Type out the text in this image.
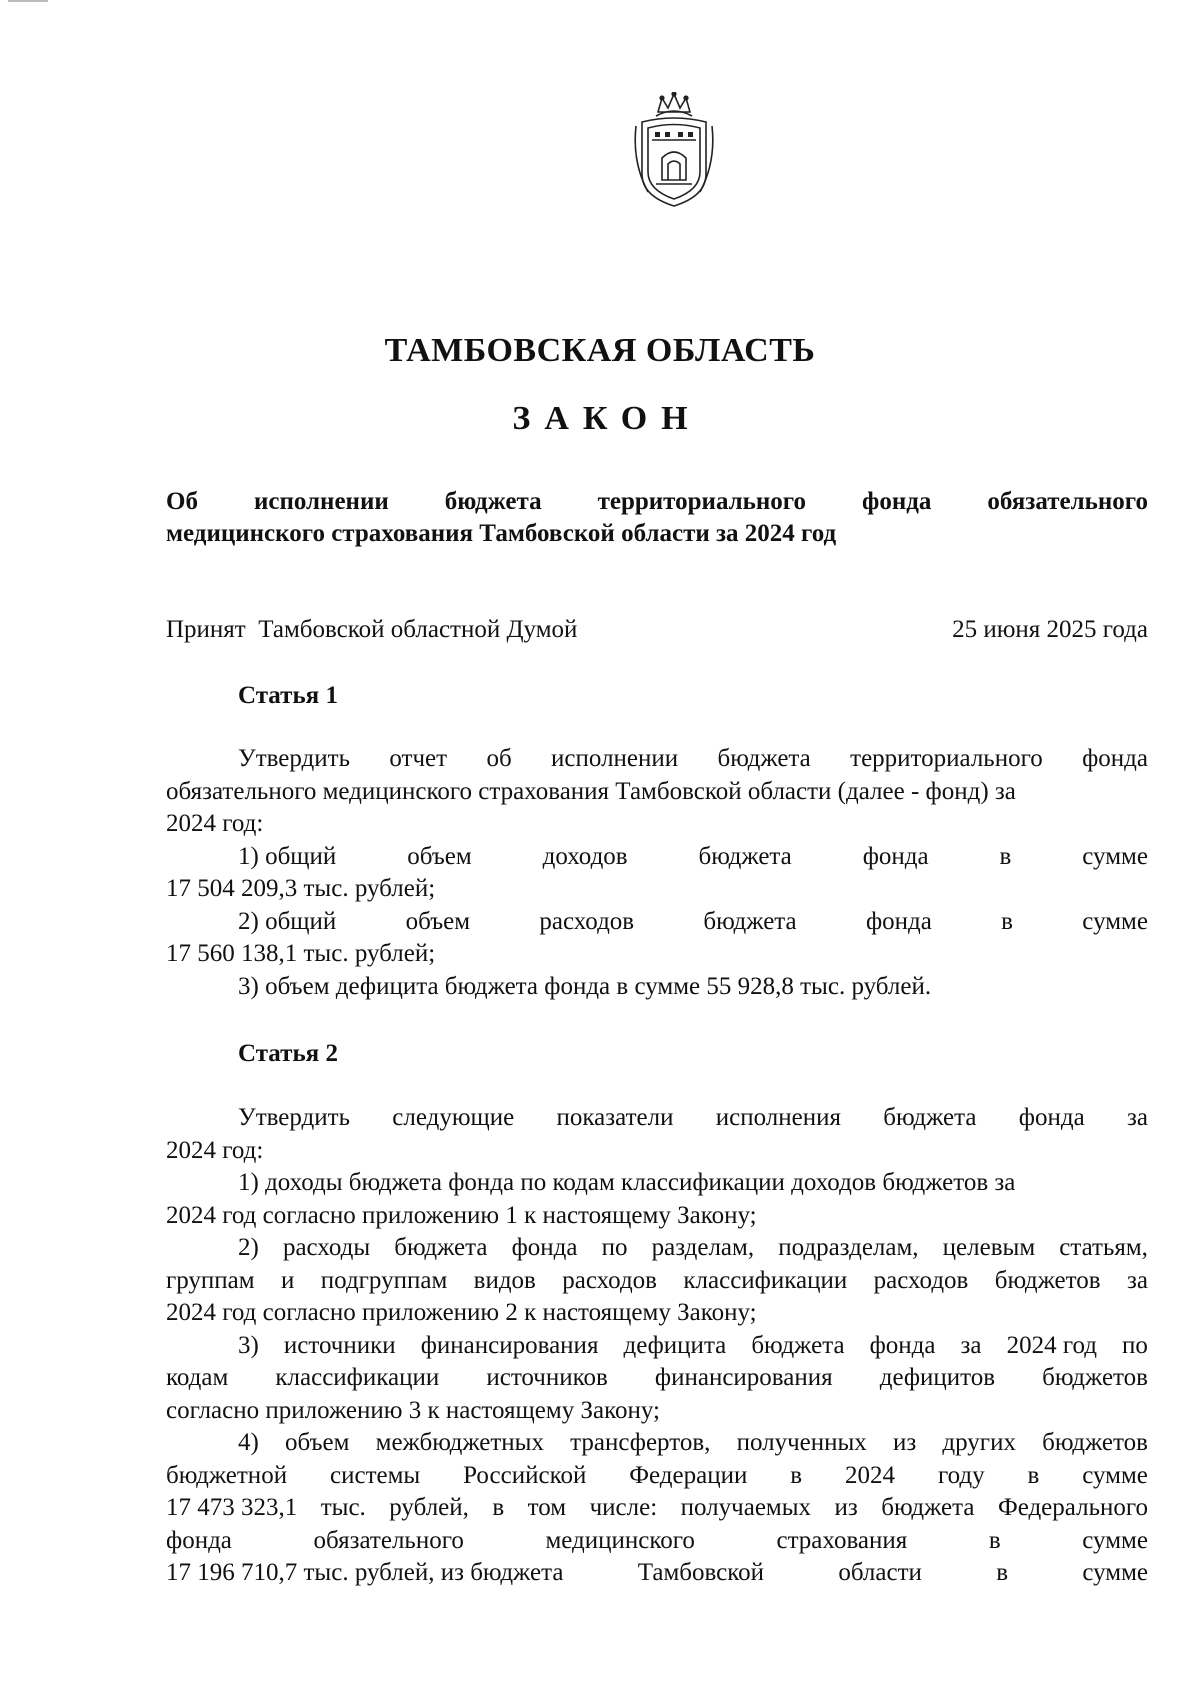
ТАМБОВСКАЯ ОБЛАСТЬ
ЗАКОН
Об исполнении бюджета территориального фонда обязательного
медицинского страхования Тамбовской области за 2024 год
Принят  Тамбовской областной Думой	25 июня 2025 года
Статья 1
Утвердить отчет об исполнении бюджета территориального фонда
обязательного медицинского страхования Тамбовской области (далее - фонд) за
2024 год:
1) общий	объем	доходов	бюджета	фонда	в	сумме
17 504 209,3 тыс. рублей;
2) общий	объем	расходов	бюджета	фонда	в	сумме
17 560 138,1 тыс. рублей;
3) объем дефицита бюджета фонда в сумме 55 928,8 тыс. рублей.
Статья 2
Утвердить следующие показатели исполнения бюджета фонда за
2024 год:
1) доходы бюджета фонда по кодам классификации доходов бюджетов за
2024 год согласно приложению 1 к настоящему Закону;
2) расходы бюджета фонда по разделам, подразделам, целевым статьям,
группам и подгруппам видов расходов классификации расходов бюджетов за
2024 год согласно приложению 2 к настоящему Закону;
3) источники финансирования дефицита бюджета фонда за 2024 год по
кодам классификации источников финансирования дефицитов бюджетов
согласно приложению 3 к настоящему Закону;
4) объем межбюджетных трансфертов, полученных из других бюджетов
бюджетной системы Российской Федерации в 2024 году в сумме
17 473 323,1 тыс. рублей, в том числе: получаемых из бюджета Федерального
фонда	обязательного	медицинского	страхования	в	сумме
17 196 710,7 тыс. рублей, из бюджета	Тамбовской	области	в	сумме
